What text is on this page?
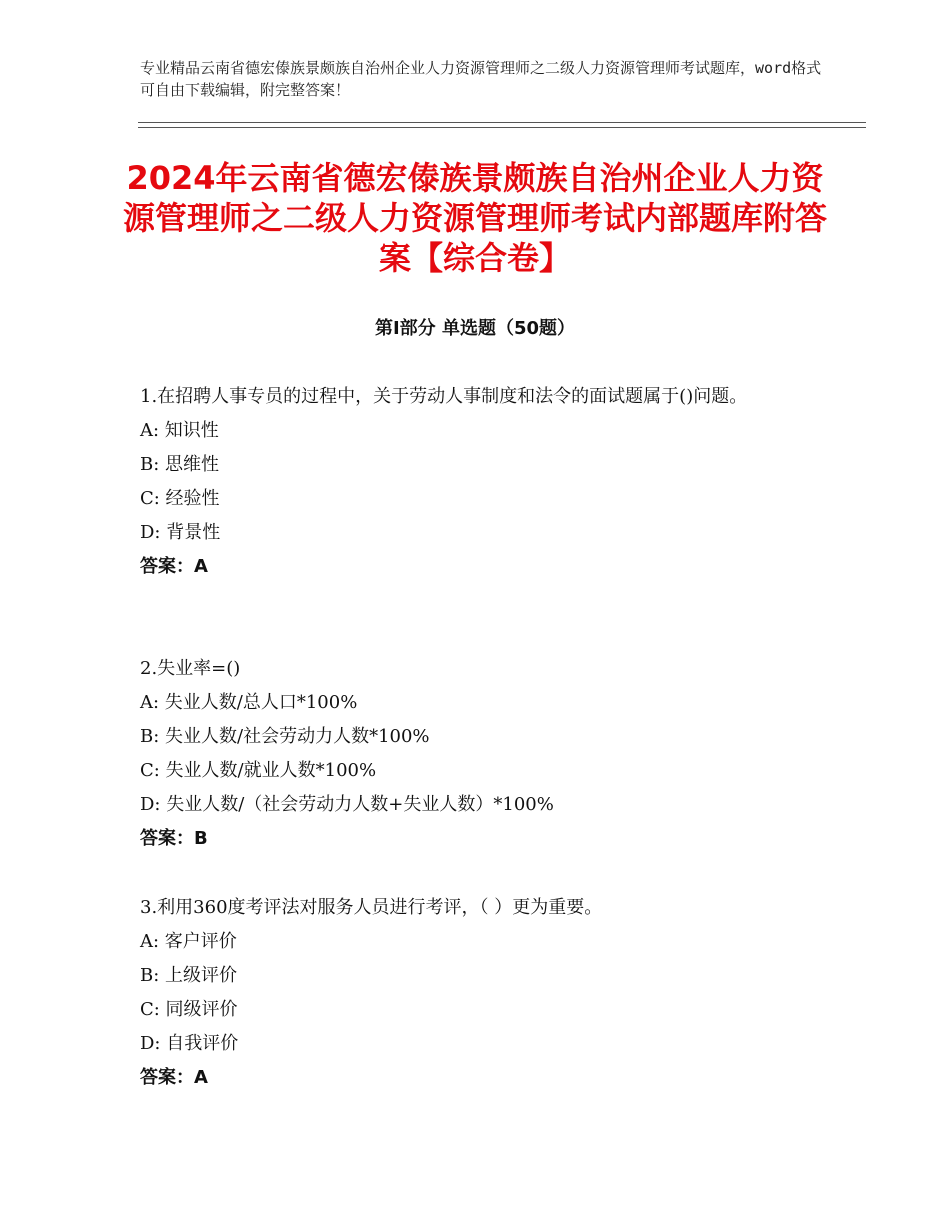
专业精品云南省德宏傣族景颇族自治州企业人力资源管理师之二级人力资源管理师考试题库，word格式可自由下载编辑，附完整答案！
2024年云南省德宏傣族景颇族自治州企业人力资源管理师之二级人力资源管理师考试内部题库附答案【综合卷】
第Ⅰ部分 单选题（50题）
1.在招聘人事专员的过程中，关于劳动人事制度和法令的面试题属于()问题。
A: 知识性
B: 思维性
C: 经验性
D: 背景性
答案：A
2.失业率=()
A: 失业人数/总人口*100%
B: 失业人数/社会劳动力人数*100%
C: 失业人数/就业人数*100%
D: 失业人数/（社会劳动力人数+失业人数）*100%
答案：B
3.利用360度考评法对服务人员进行考评，（ ）更为重要。
A: 客户评价
B: 上级评价
C: 同级评价
D: 自我评价
答案：A
